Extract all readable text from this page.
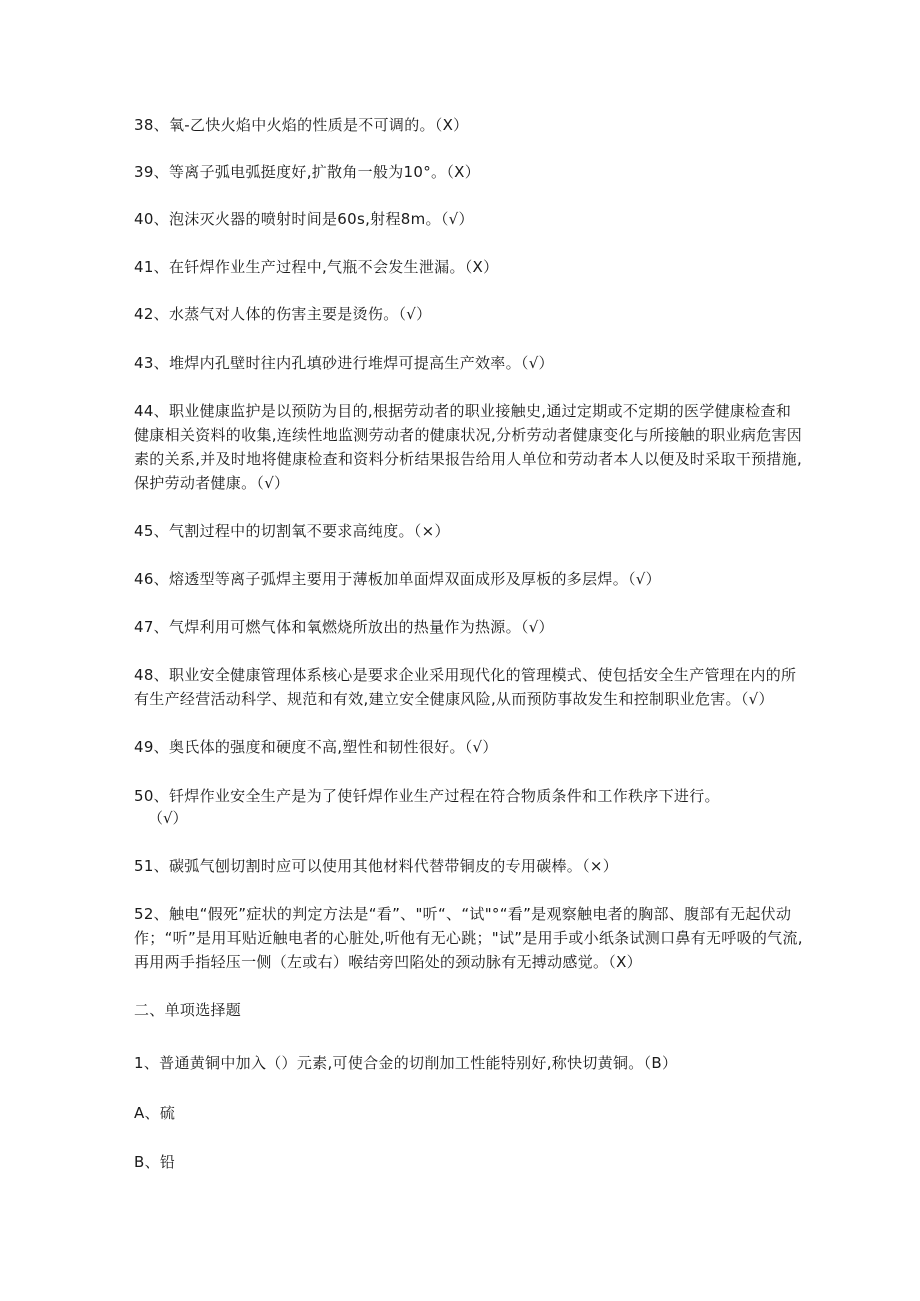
38、氧-乙快火焰中火焰的性质是不可调的。（X）

39、等离子弧电弧挺度好,扩散角一般为10°。（X）

40、泡沫灭火器的喷射时间是60s,射程8m。（√）

41、在钎焊作业生产过程中,气瓶不会发生泄漏。（X）

42、水蒸气对人体的伤害主要是烫伤。（√）

43、堆焊内孔壁时往内孔填砂进行堆焊可提高生产效率。（√）

44、职业健康监护是以预防为目的,根据劳动者的职业接触史,通过定期或不定期的医学健康检查和健康相关资料的收集,连续性地监测劳动者的健康状况,分析劳动者健康变化与所接触的职业病危害因素的关系,并及时地将健康检查和资料分析结果报告给用人单位和劳动者本人以便及时采取干预措施,保护劳动者健康。（√）

45、气割过程中的切割氧不要求高纯度。（×）

46、熔透型等离子弧焊主要用于薄板加单面焊双面成形及厚板的多层焊。（√）

47、气焊利用可燃气体和氧燃烧所放出的热量作为热源。（√）

48、职业安全健康管理体系核心是要求企业采用现代化的管理模式、使包括安全生产管理在内的所有生产经营活动科学、规范和有效,建立安全健康风险,从而预防事故发生和控制职业危害。（√）

49、奥氏体的强度和硬度不高,塑性和韧性很好。（√）

50、钎焊作业安全生产是为了使钎焊作业生产过程在符合物质条件和工作秩序下进行。

（√）

51、碳弧气刨切割时应可以使用其他材料代替带铜皮的专用碳棒。（×）

52、触电“假死”症状的判定方法是“看”、"听“、“试"°“看”是观察触电者的胸部、腹部有无起伏动作；“听”是用耳贴近触电者的心脏处,听他有无心跳；"试”是用手或小纸条试测口鼻有无呼吸的气流,再用两手指轻压一侧（左或右）喉结旁凹陷处的颈动脉有无搏动感觉。（X）

二、单项选择题

1、普通黄铜中加入（）元素,可使合金的切削加工性能特别好,称快切黄铜。（B）

A、硫

B、铅
